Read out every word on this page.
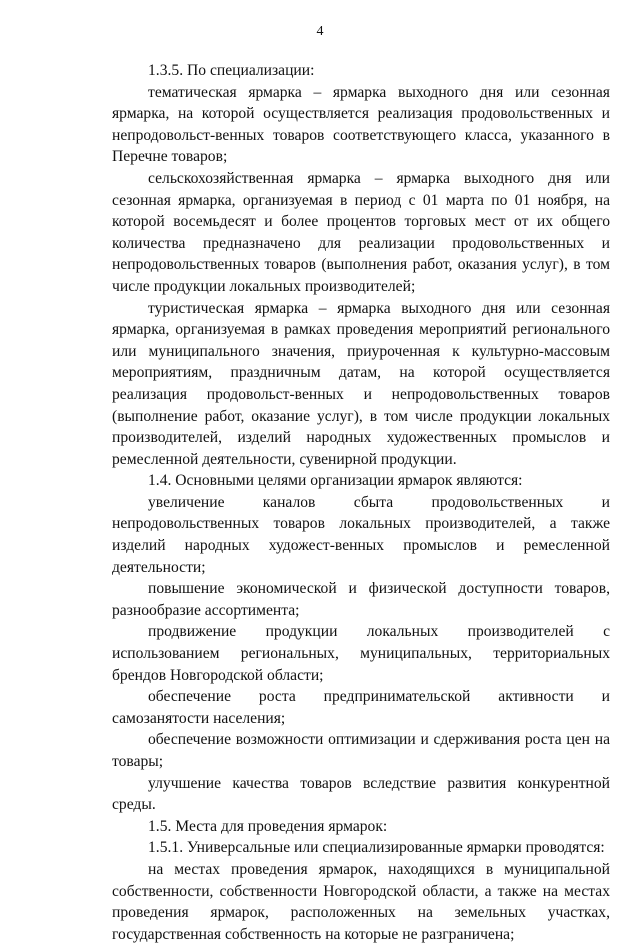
4

1.3.5. По специализации:

тематическая ярмарка – ярмарка выходного дня или сезонная ярмарка, на которой осуществляется реализация продовольственных и непродовольст-венных товаров соответствующего класса, указанного в Перечне товаров;

сельскохозяйственная ярмарка – ярмарка выходного дня или сезонная ярмарка, организуемая в период с 01 марта по 01 ноября, на которой восемьдесят и более процентов торговых мест от их общего количества предназначено для реализации продовольственных и непродовольственных товаров (выполнения работ, оказания услуг), в том числе продукции локальных производителей;

туристическая ярмарка – ярмарка выходного дня или сезонная ярмарка, организуемая в рамках проведения мероприятий регионального или муниципального значения, приуроченная к культурно-массовым мероприятиям, праздничным датам, на которой осуществляется реализация продовольст-венных и непродовольственных товаров (выполнение работ, оказание услуг), в том числе продукции локальных производителей, изделий народных художественных промыслов и ремесленной деятельности, сувенирной продукции.

1.4. Основными целями организации ярмарок являются:

увеличение каналов сбыта продовольственных и непродовольственных товаров локальных производителей, а также изделий народных художест-венных промыслов и ремесленной деятельности;

повышение экономической и физической доступности товаров, разнообразие ассортимента;

продвижение продукции локальных производителей с использованием региональных, муниципальных, территориальных брендов Новгородской области;

обеспечение роста предпринимательской активности и самозанятости населения;

обеспечение возможности оптимизации и сдерживания роста цен на товары;

улучшение качества товаров вследствие развития конкурентной среды.

1.5. Места для проведения ярмарок:

1.5.1. Универсальные или специализированные ярмарки проводятся:

на местах проведения ярмарок, находящихся в муниципальной собственности, собственности Новгородской области, а также на местах проведения ярмарок, расположенных на земельных участках, государственная собственность на которые не разграничена;
